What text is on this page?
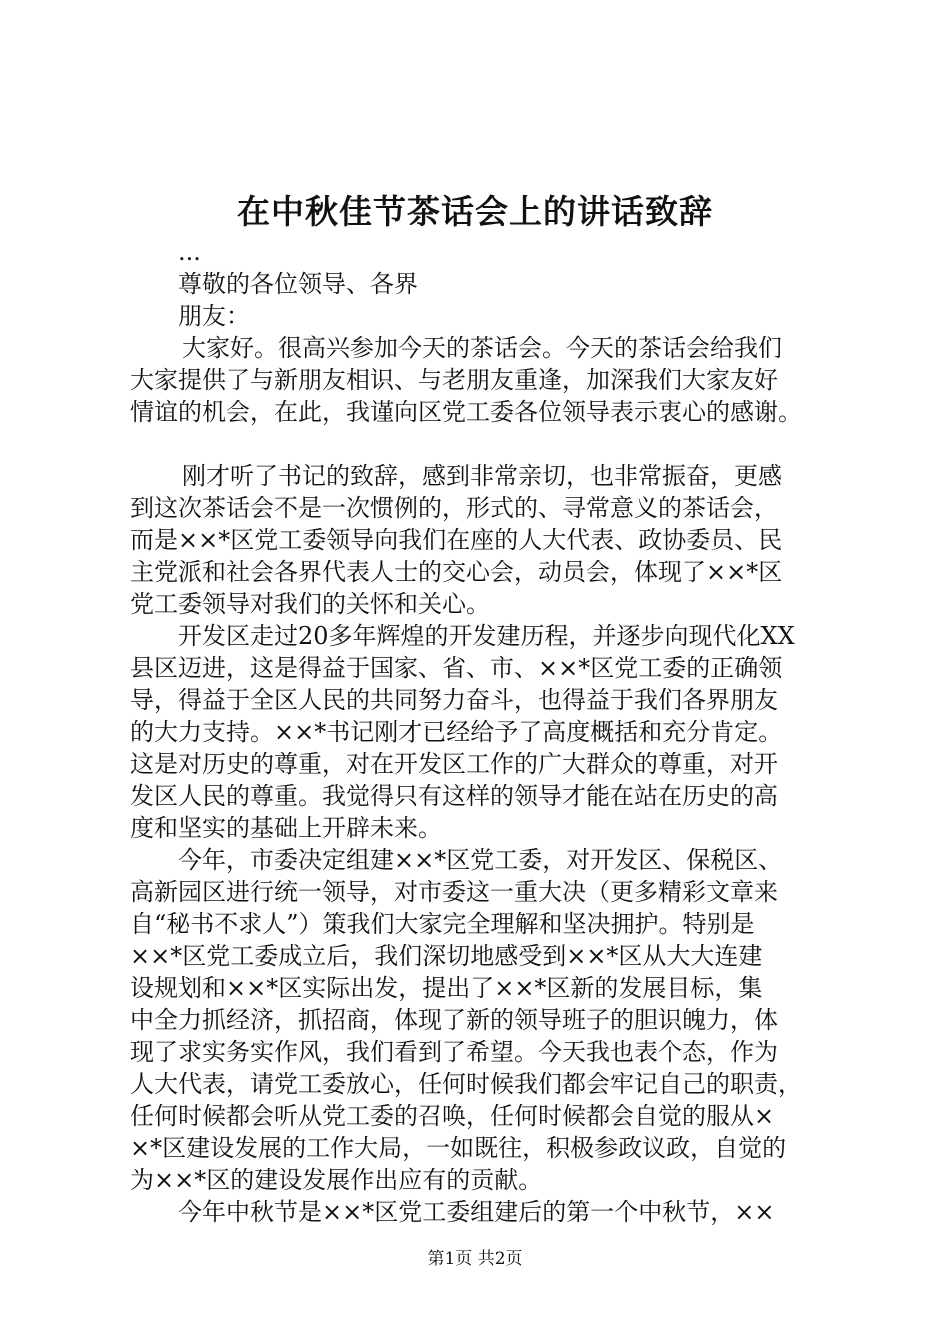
在中秋佳节茶话会上的讲话致辞
...
尊敬的各位领导、各界
朋友：
大家好。很高兴参加今天的茶话会。今天的茶话会给我们
大家提供了与新朋友相识、与老朋友重逢，加深我们大家友好
情谊的机会，在此，我谨向区党工委各位领导表示衷心的感谢。
刚才听了书记的致辞，感到非常亲切，也非常振奋，更感
到这次茶话会不是一次惯例的，形式的、寻常意义的茶话会，
而是××*区党工委领导向我们在座的人大代表、政协委员、民
主党派和社会各界代表人士的交心会，动员会，体现了××*区
党工委领导对我们的关怀和关心。
开发区走过20多年辉煌的开发建历程，并逐步向现代化XX
县区迈进，这是得益于国家、省、市、××*区党工委的正确领
导，得益于全区人民的共同努力奋斗，也得益于我们各界朋友
的大力支持。××*书记刚才已经给予了高度概括和充分肯定。
这是对历史的尊重，对在开发区工作的广大群众的尊重，对开
发区人民的尊重。我觉得只有这样的领导才能在站在历史的高
度和坚实的基础上开辟未来。
今年，市委决定组建××*区党工委，对开发区、保税区、
高新园区进行统一领导，对市委这一重大决（更多精彩文章来
自“秘书不求人”）策我们大家完全理解和坚决拥护。特别是
××*区党工委成立后，我们深切地感受到××*区从大大连建
设规划和××*区实际出发，提出了××*区新的发展目标，集
中全力抓经济，抓招商，体现了新的领导班子的胆识魄力，体
现了求实务实作风，我们看到了希望。今天我也表个态，作为
人大代表，请党工委放心，任何时候我们都会牢记自己的职责，
任何时候都会听从党工委的召唤，任何时候都会自觉的服从×
×*区建设发展的工作大局，一如既往，积极参政议政，自觉的
为××*区的建设发展作出应有的贡献。
今年中秋节是××*区党工委组建后的第一个中秋节，××
第1页 共2页
